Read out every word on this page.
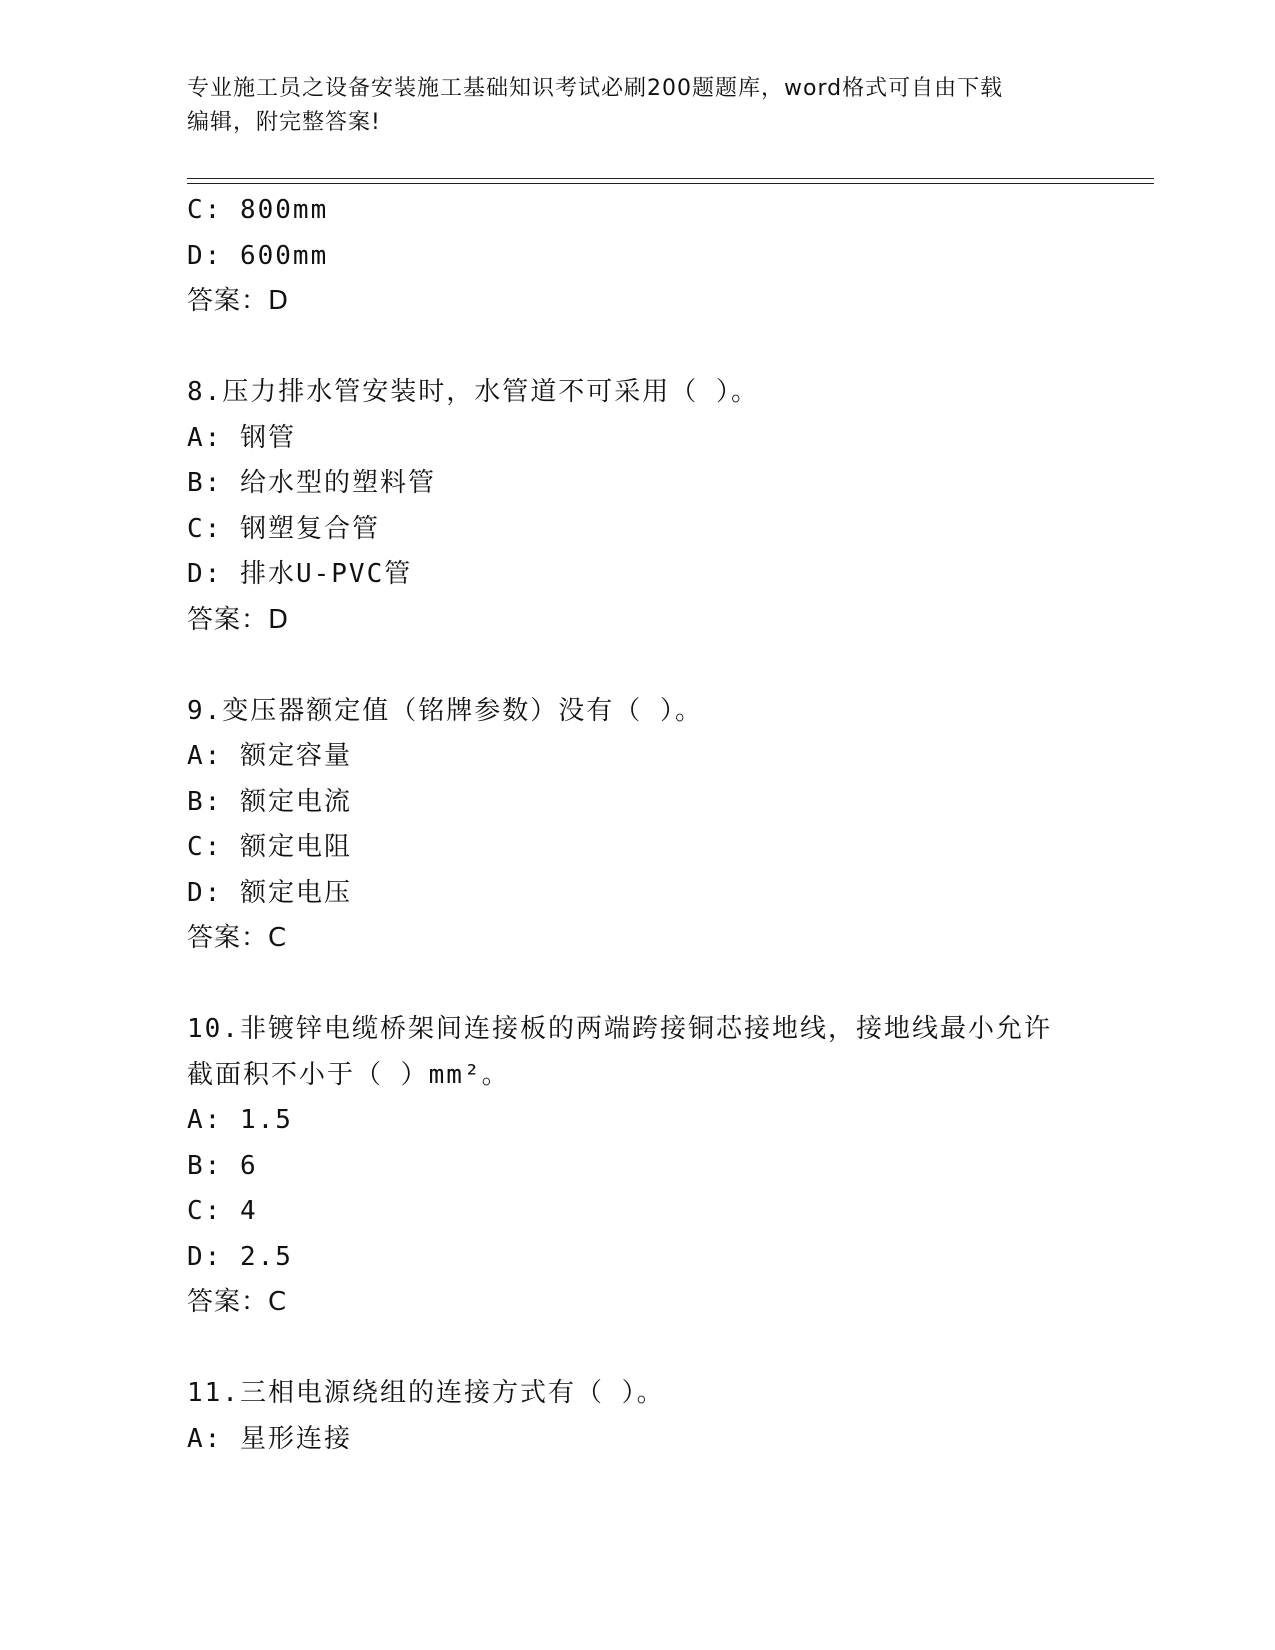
专业施工员之设备安装施工基础知识考试必刷200题题库，word格式可自由下载
编辑，附完整答案!
C: 800mm
D: 600mm
答案：D
8.压力排水管安装时，水管道不可采用（ ）。
A: 钢管
B: 给水型的塑料管
C: 钢塑复合管
D: 排水U-PVC管
答案：D
9.变压器额定值（铭牌参数）没有（ ）。
A: 额定容量
B: 额定电流
C: 额定电阻
D: 额定电压
答案：C
10.非镀锌电缆桥架间连接板的两端跨接铜芯接地线，接地线最小允许
截面积不小于（ ）mm²。
A: 1.5
B: 6
C: 4
D: 2.5
答案：C
11.三相电源绕组的连接方式有（ ）。
A: 星形连接
